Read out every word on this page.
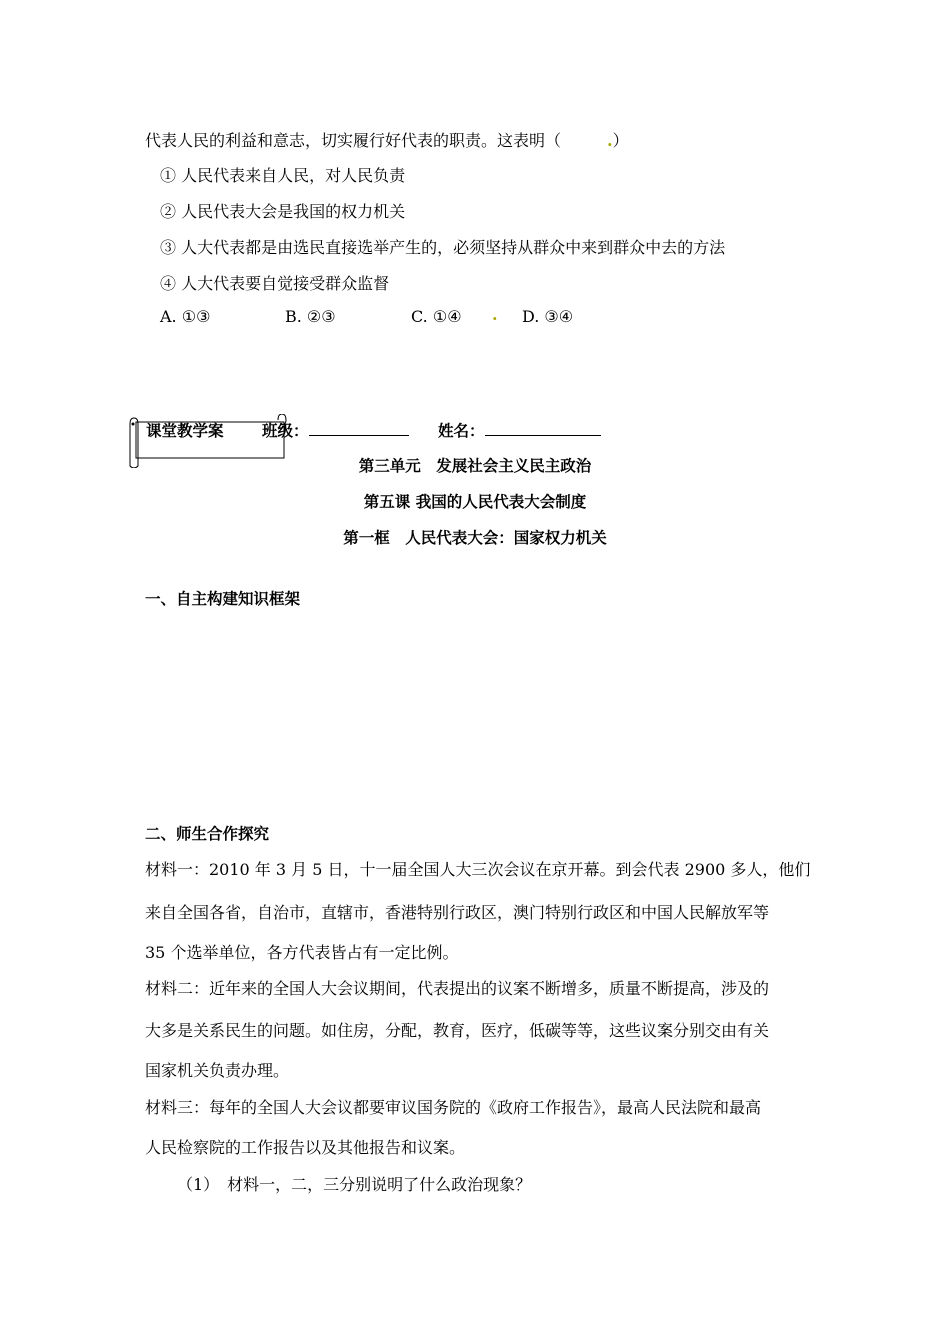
代表人民的利益和意志，切实履行好代表的职责。这表明（	.）
① 人民代表来自人民，对人民负责
② 人民代表大会是我国的权力机关
③ 人大代表都是由选民直接选举产生的，必须坚持从群众中来到群众中去的方法
④ 人大代表要自觉接受群众监督
A. ①③	B. ②③	C. ①④ . D. ③④
课堂教学案 班级：	姓名：
第三单元　发展社会主义民主政治
第五课 我国的人民代表大会制度
第一框　人民代表大会：国家权力机关
一、自主构建知识框架
二、师生合作探究
材料一：2010 年 3 月 5 日，十一届全国人大三次会议在京开幕。到会代表 2900 多人，他们
来自全国各省，自治市，直辖市，香港特别行政区，澳门特别行政区和中国人民解放军等
35 个选举单位，各方代表皆占有一定比例。
材料二：近年来的全国人大会议期间，代表提出的议案不断增多，质量不断提高，涉及的
大多是关系民生的问题。如住房，分配，教育，医疗，低碳等等，这些议案分别交由有关
国家机关负责办理。
材料三：每年的全国人大会议都要审议国务院的《政府工作报告》，最高人民法院和最高
人民检察院的工作报告以及其他报告和议案。
（1）　材料一，二，三分别说明了什么政治现象？
